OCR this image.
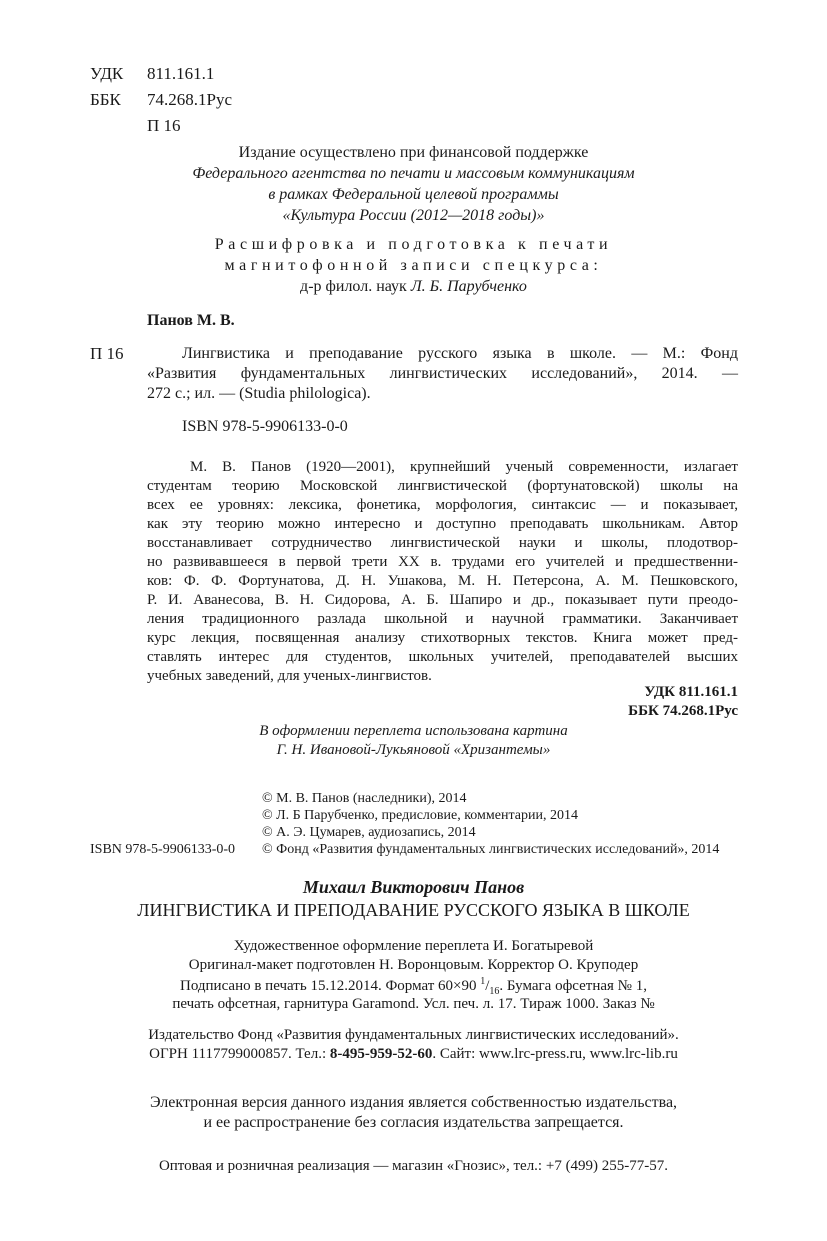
УДК 811.161.1
ББК 74.268.1Рус
П 16
Издание осуществлено при финансовой поддержке
Федерального агентства по печати и массовым коммуникациям
в рамках Федеральной целевой программы
«Культура России (2012—2018 годы)»
Расшифровка и подготовка к печати
магнитофонной записи спецкурса:
д-р филол. наук Л. Б. Парубченко
Панов М. В.
П 16	Лингвистика и преподавание русского языка в школе. — М.: Фонд
«Развития фундаментальных лингвистических исследований», 2014. —
272 с.; ил. — (Studia philologica).
ISBN 978-5-9906133-0-0
М. В. Панов (1920—2001), крупнейший ученый современности, излагает
студентам теорию Московской лингвистической (фортунатовской) школы на
всех ее уровнях: лексика, фонетика, морфология, синтаксис — и показывает,
как эту теорию можно интересно и доступно преподавать школьникам. Автор
восстанавливает сотрудничество лингвистической науки и школы, плодотвор-
но развивавшееся в первой трети XX в. трудами его учителей и предшественни-
ков: Ф. Ф. Фортунатова, Д. Н. Ушакова, М. Н. Петерсона, А. М. Пешковского,
Р. И. Аванесова, В. Н. Сидорова, А. Б. Шапиро и др., показывает пути преодо-
ления традиционного разлада школьной и научной грамматики. Заканчивает
курс лекция, посвященная анализу стихотворных текстов. Книга может пред-
ставлять интерес для студентов, школьных учителей, преподавателей высших
учебных заведений, для ученых-лингвистов.
УДК 811.161.1
ББК 74.268.1Рус
В оформлении переплета использована картина
Г. Н. Ивановой-Лукьяновой «Хризантемы»
© М. В. Панов (наследники), 2014
© Л. Б Парубченко, предисловие, комментарии, 2014
© А. Э. Цумарев, аудиозапись, 2014
© Фонд «Развития фундаментальных лингвистических исследований», 2014
ISBN 978-5-9906133-0-0
Михаил Викторович Панов
ЛИНГВИСТИКА И ПРЕПОДАВАНИЕ РУССКОГО ЯЗЫКА В ШКОЛЕ
Художественное оформление переплета И. Богатыревой
Оригинал-макет подготовлен Н. Воронцовым. Корректор О. Круподер
Подписано в печать 15.12.2014. Формат 60×90 $^1/_{16}$. Бумага офсетная № 1,
печать офсетная, гарнитура Garamond. Усл. печ. л. 17. Тираж 1000. Заказ №
Издательство Фонд «Развития фундаментальных лингвистических исследований».
ОГРН 1117799000857. Тел.: 8-495-959-52-60. Сайт: www.lrc-press.ru, www.lrc-lib.ru
Электронная версия данного издания является собственностью издательства,
и ее распространение без согласия издательства запрещается.
Оптовая и розничная реализация — магазин «Гнозис», тел.: +7 (499) 255-77-57.
